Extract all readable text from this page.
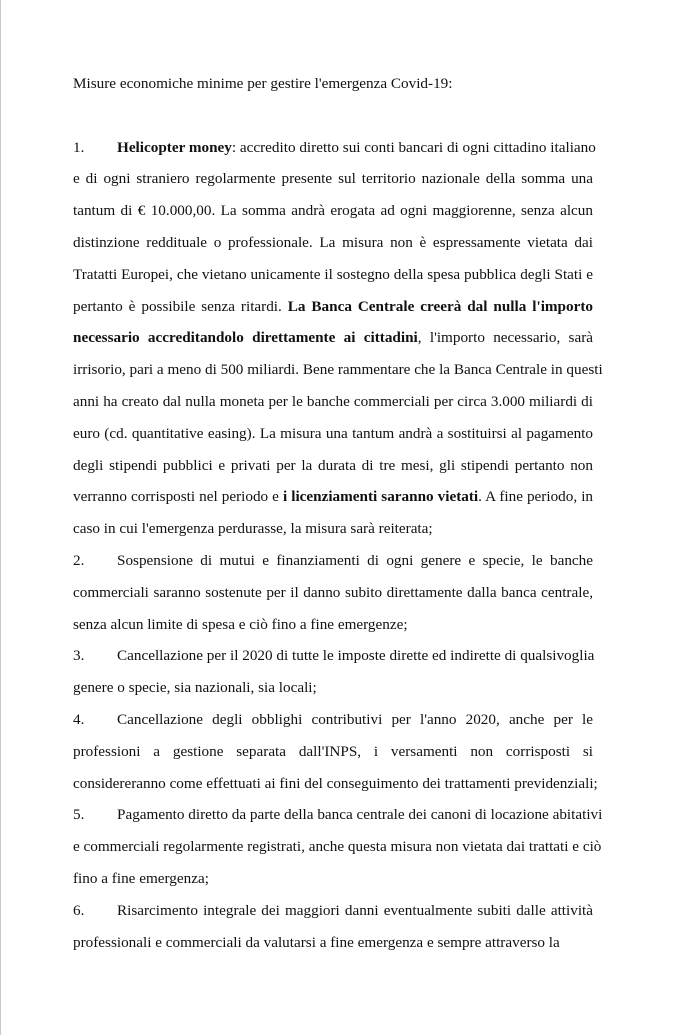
Misure economiche minime per gestire l'emergenza Covid-19:
1. Helicopter money: accredito diretto sui conti bancari di ogni cittadino italiano
e di ogni straniero regolarmente presente sul territorio nazionale della somma una
tantum di € 10.000,00. La somma andrà erogata ad ogni maggiorenne, senza alcun
distinzione reddituale o professionale. La misura non è espressamente vietata dai
Tratatti Europei, che vietano unicamente il sostegno della spesa pubblica degli Stati e
pertanto è possibile senza ritardi. La Banca Centrale creerà dal nulla l'importo
necessario accreditandolo direttamente ai cittadini, l'importo necessario, sarà
irrisorio, pari a meno di 500 miliardi. Bene rammentare che la Banca Centrale in questi
anni ha creato dal nulla moneta per le banche commerciali per circa 3.000 miliardi di
euro (cd. quantitative easing). La misura una tantum andrà a sostituirsi al pagamento
degli stipendi pubblici e privati per la durata di tre mesi, gli stipendi pertanto non
verranno corrisposti nel periodo e i licenziamenti saranno vietati. A fine periodo, in
caso in cui l'emergenza perdurasse, la misura sarà reiterata;
2. Sospensione di mutui e finanziamenti di ogni genere e specie, le banche
commerciali saranno sostenute per il danno subito direttamente dalla banca centrale,
senza alcun limite di spesa e ciò fino a fine emergenze;
3. Cancellazione per il 2020 di tutte le imposte dirette ed indirette di qualsivoglia
genere o specie, sia nazionali, sia locali;
4. Cancellazione degli obblighi contributivi per l'anno 2020, anche per le
professioni a gestione separata dall'INPS, i versamenti non corrisposti si
considereranno come effettuati ai fini del conseguimento dei trattamenti previdenziali;
5. Pagamento diretto da parte della banca centrale dei canoni di locazione abitativi
e commerciali regolarmente registrati, anche questa misura non vietata dai trattati e ciò
fino a fine emergenza;
6. Risarcimento integrale dei maggiori danni eventualmente subiti dalle attività
professionali e commerciali da valutarsi a fine emergenza e sempre attraverso la
